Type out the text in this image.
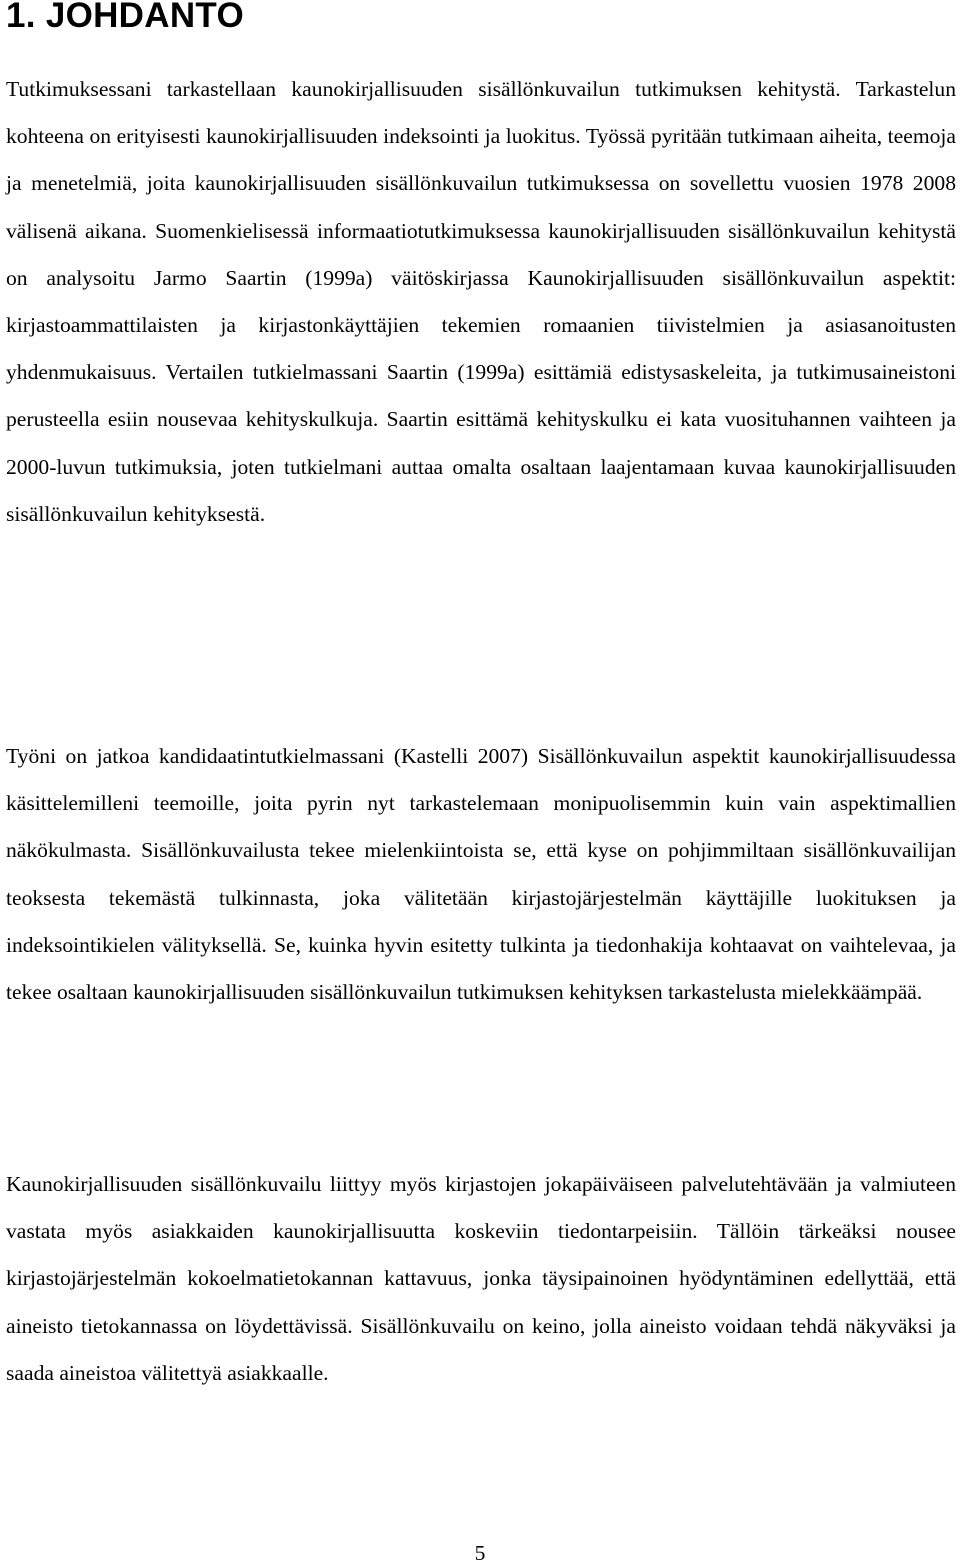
1. JOHDANTO

Tutkimuksessani tarkastellaan kaunokirjallisuuden sisällönkuvailun tutkimuksen kehitystä. Tarkastelun kohteena on erityisesti kaunokirjallisuuden indeksointi ja luokitus. Työssä pyritään tutkimaan aiheita, teemoja ja menetelmiä, joita kaunokirjallisuuden sisällönkuvailun tutkimuksessa on sovellettu vuosien 1978 2008 välisenä aikana. Suomenkielisessä informaatiotutkimuksessa kaunokirjallisuuden sisällönkuvailun kehitystä on analysoitu Jarmo Saartin (1999a) väitöskirjassa Kaunokirjallisuuden sisällönkuvailun aspektit: kirjastoammattilaisten ja kirjastonkäyttäjien tekemien romaanien tiivistelmien ja asiasanoitusten yhdenmukaisuus. Vertailen tutkielmassani Saartin (1999a) esittämiä edistysaskeleita, ja tutkimusaineistoni perusteella esiin nousevaa kehityskulkuja. Saartin esittämä kehityskulku ei kata vuosituhannen vaihteen ja 2000-luvun tutkimuksia, joten tutkielmani auttaa omalta osaltaan laajentamaan kuvaa kaunokirjallisuuden sisällönkuvailun kehityksestä.

Työni on jatkoa kandidaatintutkielmassani (Kastelli 2007) Sisällönkuvailun aspektit kaunokirjallisuudessa käsittelemilleni teemoille, joita pyrin nyt tarkastelemaan monipuolisemmin kuin vain aspektimallien näkökulmasta. Sisällönkuvailusta tekee mielenkiintoista se, että kyse on pohjimmiltaan sisällönkuvailijan teoksesta tekemästä tulkinnasta, joka välitetään kirjastojärjestelmän käyttäjille luokituksen ja indeksointikielen välityksellä. Se, kuinka hyvin esitetty tulkinta ja tiedonhakija kohtaavat on vaihtelevaa, ja tekee osaltaan kaunokirjallisuuden sisällönkuvailun tutkimuksen kehityksen tarkastelusta mielekkäämpää.

Kaunokirjallisuuden sisällönkuvailu liittyy myös kirjastojen jokapäiväiseen palvelutehtävään ja valmiuteen vastata myös asiakkaiden kaunokirjallisuutta koskeviin tiedontarpeisiin. Tällöin tärkeäksi nousee kirjastojärjestelmän kokoelmatietokannan kattavuus, jonka täysipainoinen hyödyntäminen edellyttää, että aineisto tietokannassa on löydettävissä. Sisällönkuvailu on keino, jolla aineisto voidaan tehdä näkyväksi ja saada aineistoa välitettyä asiakkaalle.

5
